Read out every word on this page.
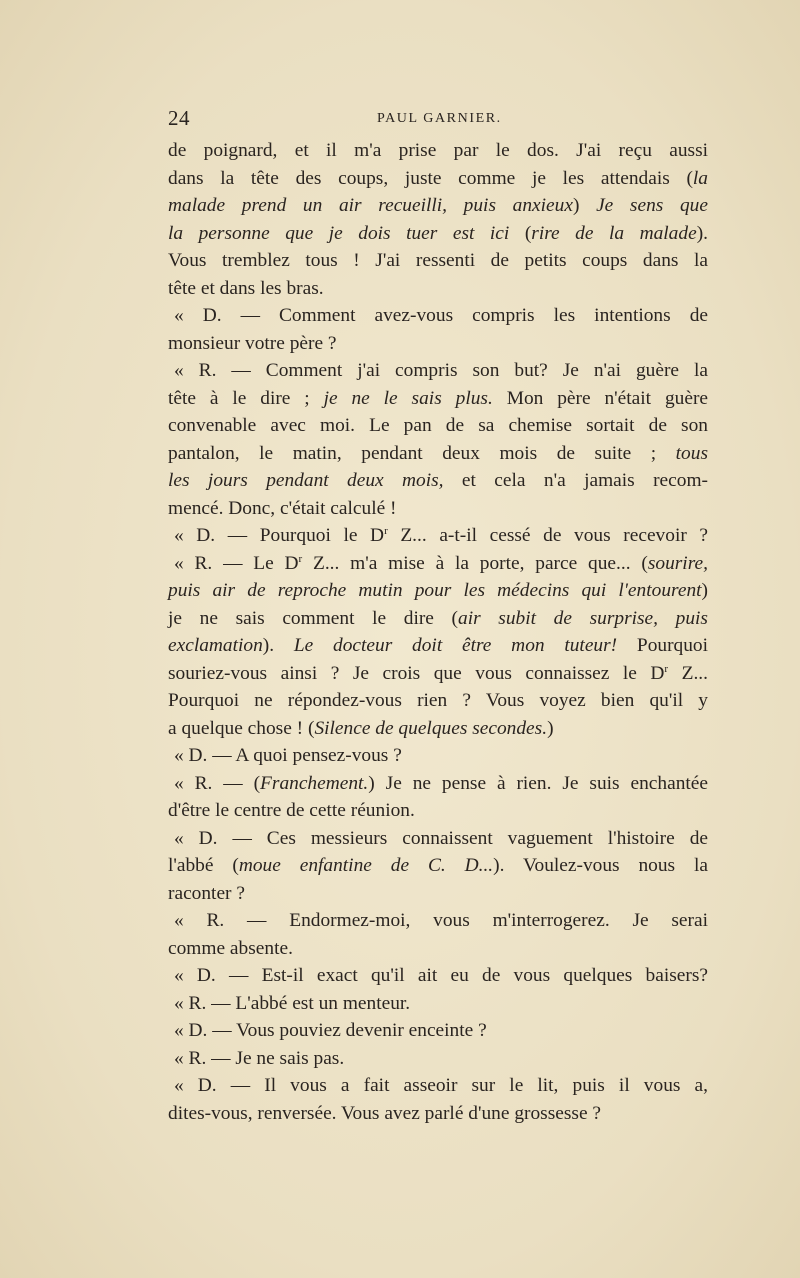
24	PAUL GARNIER.
de poignard, et il m'a prise par le dos. J'ai reçu aussi
dans la tête des coups, juste comme je les attendais (la
malade prend un air recueilli, puis anxieux) Je sens que
la personne que je dois tuer est ici (rire de la malade).
Vous tremblez tous ! J'ai ressenti de petits coups dans la
tête et dans les bras.
« D. — Comment avez-vous compris les intentions de
monsieur votre père ?
« R. — Comment j'ai compris son but? Je n'ai guère la
tête à le dire ; je ne le sais plus. Mon père n'était guère
convenable avec moi. Le pan de sa chemise sortait de son
pantalon, le matin, pendant deux mois de suite ; tous
les jours pendant deux mois, et cela n'a jamais recom-
mencé. Donc, c'était calculé !
« D. — Pourquoi le $D^r$ Z... a-t-il cessé de vous recevoir ?
« R. — Le $D^r$ Z... m'a mise à la porte, parce que... (sourire,
puis air de reproche mutin pour les médecins qui l'entourent)
je ne sais comment le dire (air subit de surprise, puis
exclamation). Le docteur doit être mon tuteur! Pourquoi
souriez-vous ainsi ? Je crois que vous connaissez le $D^r$ Z...
Pourquoi ne répondez-vous rien ? Vous voyez bien qu'il y
a quelque chose ! (Silence de quelques secondes.)
« D. — A quoi pensez-vous ?
« R. — (Franchement.) Je ne pense à rien. Je suis enchantée
d'être le centre de cette réunion.
« D. — Ces messieurs connaissent vaguement l'histoire de
l'abbé (moue enfantine de C. D...). Voulez-vous nous la
raconter ?
« R. — Endormez-moi, vous m'interrogerez. Je serai
comme absente.
« D. — Est-il exact qu'il ait eu de vous quelques baisers?
« R. — L'abbé est un menteur.
« D. — Vous pouviez devenir enceinte ?
« R. — Je ne sais pas.
« D. — Il vous a fait asseoir sur le lit, puis il vous a,
dites-vous, renversée. Vous avez parlé d'une grossesse ?
